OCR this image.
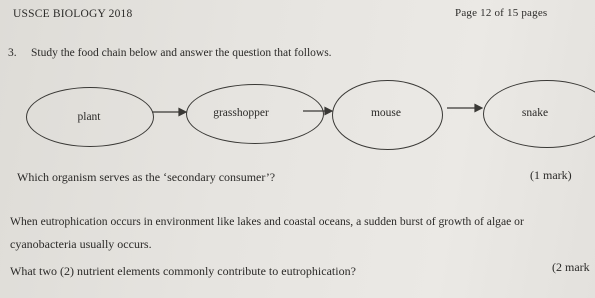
USSCE BIOLOGY 2018	Page 12 of 15 pages
3. Study the food chain below and answer the question that follows.
plant	grasshopper	mouse	snake
Which organism serves as the ‘secondary consumer’?	(1 mark)
When eutrophication occurs in environment like lakes and coastal oceans, a sudden burst of growth of algae or
cyanobacteria usually occurs.
What two (2) nutrient elements commonly contribute to eutrophication?	(2 mark
